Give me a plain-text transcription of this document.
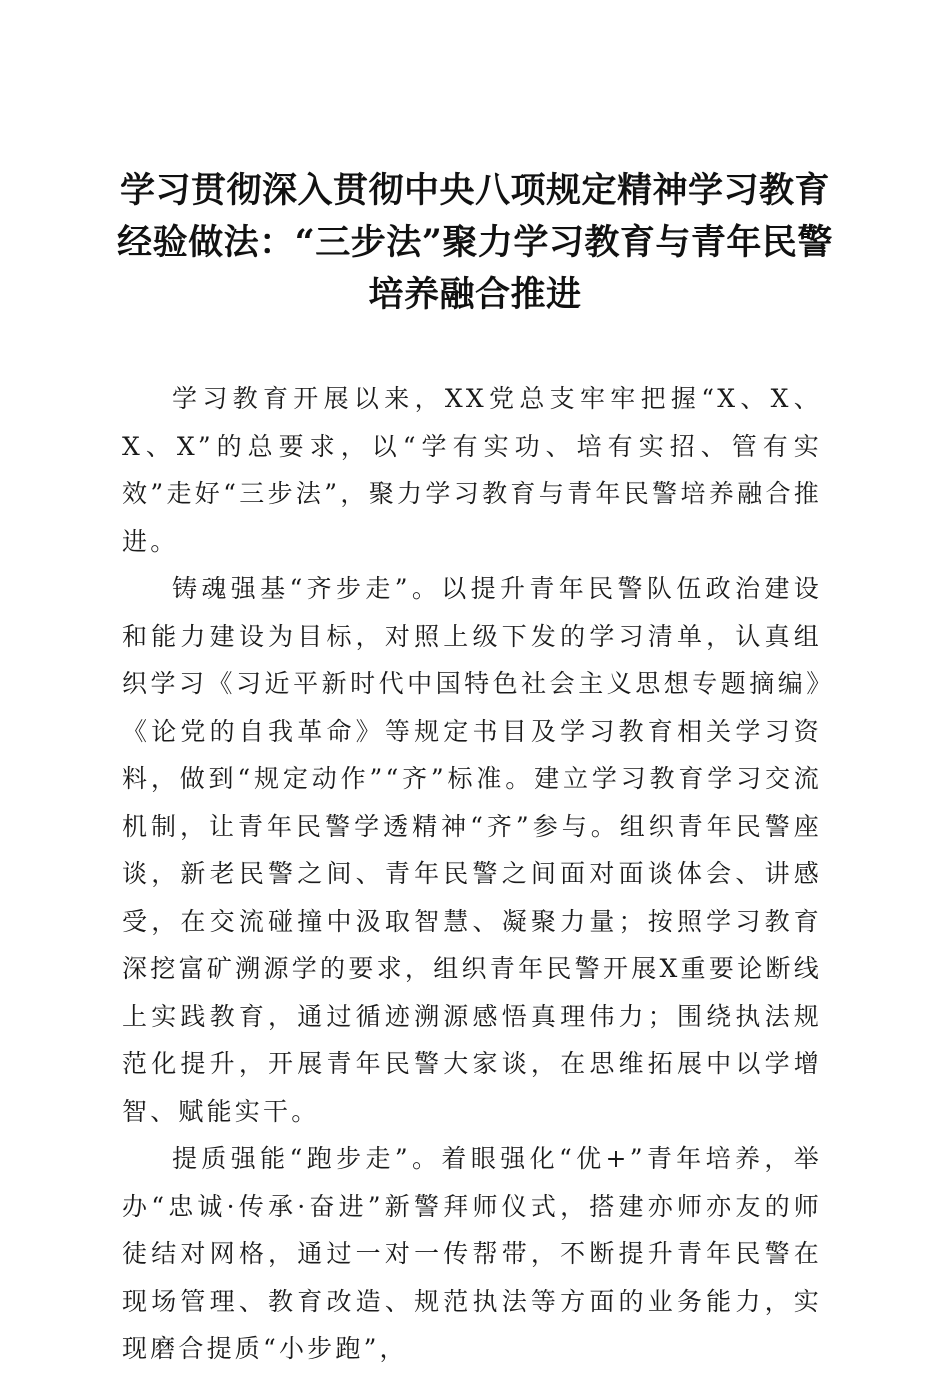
学习贯彻深入贯彻中央八项规定精神学习教育经验做法：“三步法”聚力学习教育与青年民警培养融合推进

学习教育开展以来，XX党总支牢牢把握“X、X、X、X”的总要求，以“学有实功、培有实招、管有实效”走好“三步法”，聚力学习教育与青年民警培养融合推进。

铸魂强基“齐步走”。以提升青年民警队伍政治建设和能力建设为目标，对照上级下发的学习清单，认真组织学习《习近平新时代中国特色社会主义思想专题摘编》《论党的自我革命》等规定书目及学习教育相关学习资料，做到“规定动作”“齐”标准。建立学习教育学习交流机制，让青年民警学透精神“齐”参与。组织青年民警座谈，新老民警之间、青年民警之间面对面谈体会、讲感受，在交流碰撞中汲取智慧、凝聚力量；按照学习教育深挖富矿溯源学的要求，组织青年民警开展X重要论断线上实践教育，通过循迹溯源感悟真理伟力；围绕执法规范化提升，开展青年民警大家谈，在思维拓展中以学增智、赋能实干。

提质强能“跑步走”。着眼强化“优+”青年培养，举办“忠诚·传承·奋进”新警拜师仪式，搭建亦师亦友的师徒结对网格，通过一对一传帮带，不断提升青年民警在现场管理、教育改造、规范执法等方面的业务能力，实现磨合提质“小步跑”，
